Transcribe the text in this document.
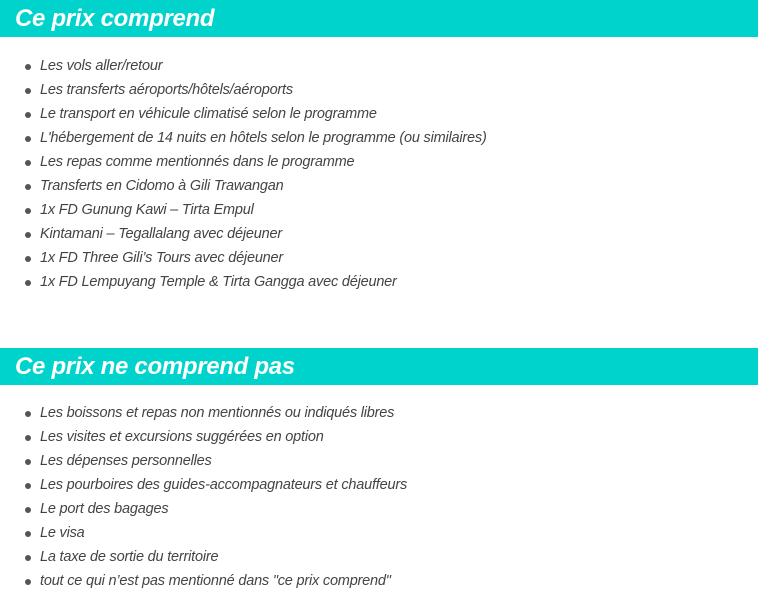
Ce prix comprend
Les vols aller/retour
Les transferts aéroports/hôtels/aéroports
Le transport en véhicule climatisé selon le programme
L'hébergement de 14 nuits en hôtels selon le programme (ou similaires)
Les repas comme mentionnés dans le programme
Transferts en Cidomo à Gili Trawangan
1x FD Gunung Kawi – Tirta Empul
Kintamani – Tegallalang avec déjeuner
1x FD Three Gili’s Tours avec déjeuner
1x FD Lempuyang Temple & Tirta Gangga avec déjeuner
Ce prix ne comprend pas
Les boissons et repas non mentionnés ou indiqués libres
Les visites et excursions suggérées en option
Les dépenses personnelles
Les pourboires des guides-accompagnateurs et chauffeurs
Le port des bagages
Le visa
La taxe de sortie du territoire
tout ce qui n’est pas mentionné dans "ce prix comprend"
